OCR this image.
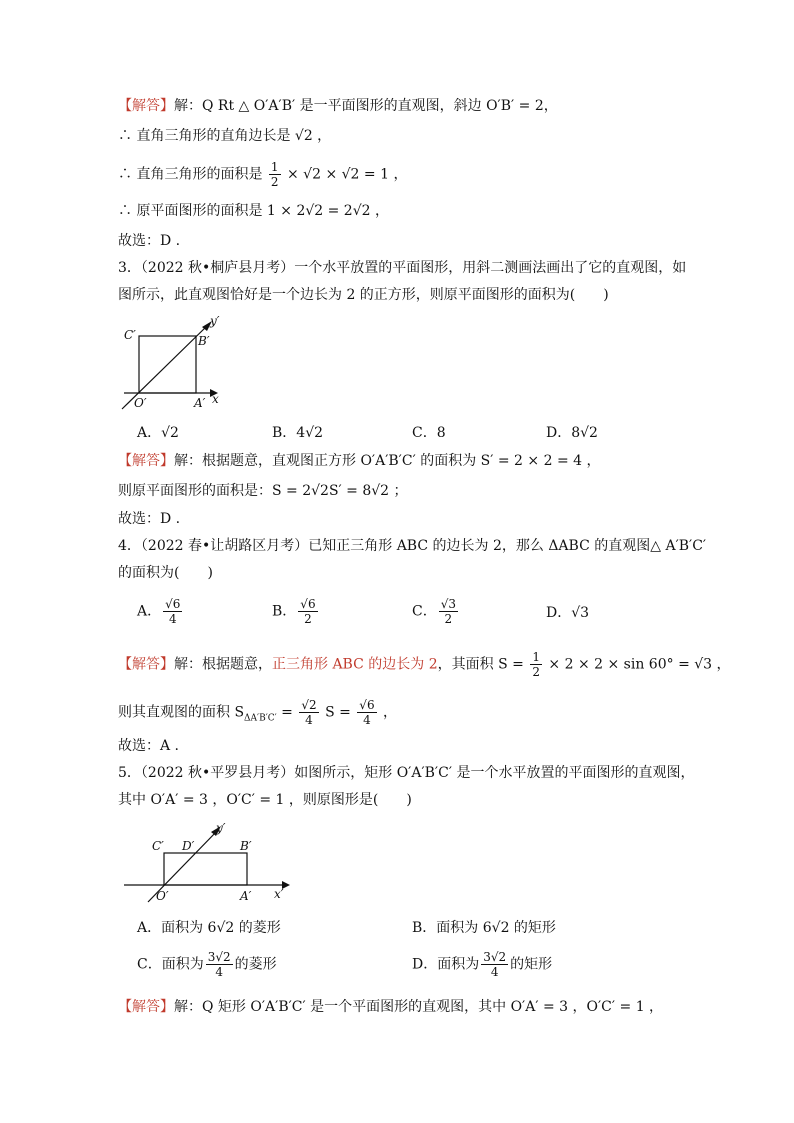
【解答】解：Q Rt △ O′A′B′ 是一平面图形的直观图，斜边 O′B′ = 2，
∴ 直角三角形的直角边长是 √2 ，
∴ 直角三角形的面积是 $\frac{1}{2} \times √2 \times √2 = 1$ ，
∴ 原平面图形的面积是 1 × 2√2 = 2√2 ，
故选：D .
3．（2022 秋•桐庐县月考）一个水平放置的平面图形，用斜二测画法画出了它的直观图，如
图所示，此直观图恰好是一个边长为 2 的正方形，则原平面图形的面积为(　　)
C′	B′
O′	A′ x
y′
A．√2	B．4√2	C．8	D．8√2
【解答】解：根据题意，直观图正方形 O′A′B′C′ 的面积为 S′ = 2 × 2 = 4 ，
则原平面图形的面积是：S = 2√2S′ = 8√2 ；
故选：D .
4．（2022 春•让胡路区月考）已知正三角形 ABC 的边长为 2，那么 ΔABC 的直观图△ A′B′C′
的面积为(　　)
A． $\frac{√6}{4}$	B． $\frac{√6}{2}$	C． $\frac{√3}{2}$	D．√3
【解答】解：根据题意，正三角形 ABC 的边长为 2，其面积 $S = \frac{1}{2} \times 2 \times 2 \times \sin 60^\circ = √3$ ，
则其直观图的面积 $S_{\Delta A'B'C'} = \frac{√2}{4}$ $S = \frac{√6}{4}$ ，
故选：A .
5．（2022 秋•平罗县月考）如图所示，矩形 O′A′B′C′ 是一个水平放置的平面图形的直观图，
其中 O′A′ = 3 ，O′C′ = 1 ，则原图形是(　　)
C′ D′	B′
O′	A′ x′
y′
A．面积为 6√2 的菱形	B．面积为 6√2 的矩形
C．面积为 $\frac{3√2}{4}$ 的菱形	D．面积为 $\frac{3√2}{4}$ 的矩形
【解答】解：Q 矩形 O′A′B′C′ 是一个平面图形的直观图，其中 O′A′ = 3 ，O′C′ = 1 ，
